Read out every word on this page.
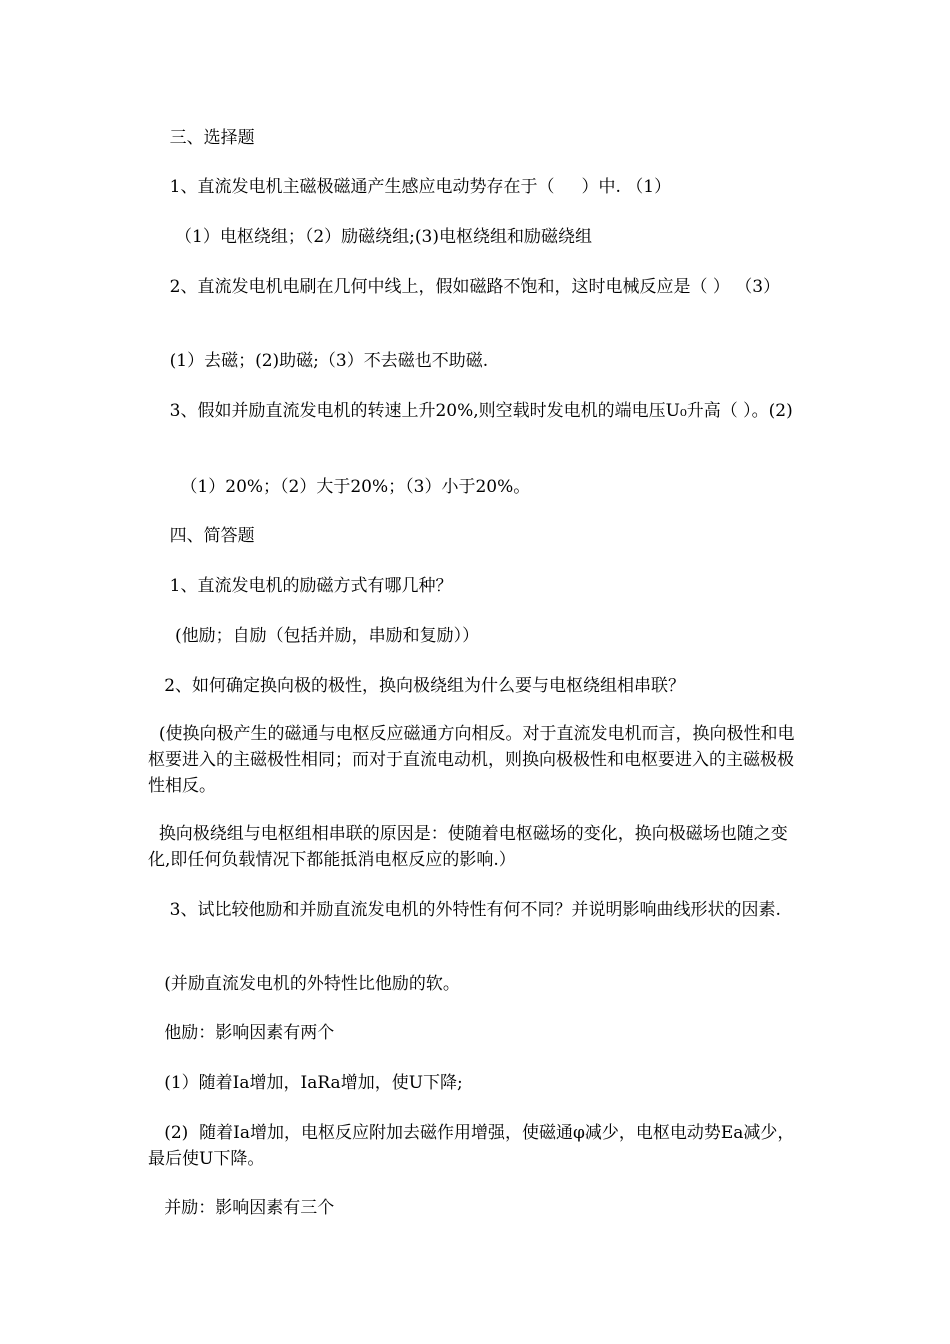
三、选择题

1、直流发电机主磁极磁通产生感应电动势存在于（     ）中. （1）

（1）电枢绕组；（2）励磁绕组;(3)电枢绕组和励磁绕组

2、直流发电机电刷在几何中线上，假如磁路不饱和，这时电械反应是（ ） （3）

(1）去磁；(2)助磁;（3）不去磁也不助磁.

3、假如并励直流发电机的转速上升20%,则空载时发电机的端电压U₀升高（ ）。(2)

（1）20%；（2）大于20%；（3）小于20%。

四、简答题

1、直流发电机的励磁方式有哪几种？

(他励；自励（包括并励，串励和复励））

2、如何确定换向极的极性，换向极绕组为什么要与电枢绕组相串联？

(使换向极产生的磁通与电枢反应磁通方向相反。对于直流发电机而言，换向极性和电枢要进入的主磁极性相同；而对于直流电动机，则换向极极性和电枢要进入的主磁极极性相反。

换向极绕组与电枢组相串联的原因是：使随着电枢磁场的变化，换向极磁场也随之变化,即任何负载情况下都能抵消电枢反应的影响.）

3、试比较他励和并励直流发电机的外特性有何不同？并说明影响曲线形状的因素.

(并励直流发电机的外特性比他励的软。

他励：影响因素有两个

(1）随着Ia增加，IaRa增加，使U下降;

(2)  随着Ia增加，电枢反应附加去磁作用增强，使磁通φ减少，电枢电动势Ea减少，最后使U下降。

并励：影响因素有三个
